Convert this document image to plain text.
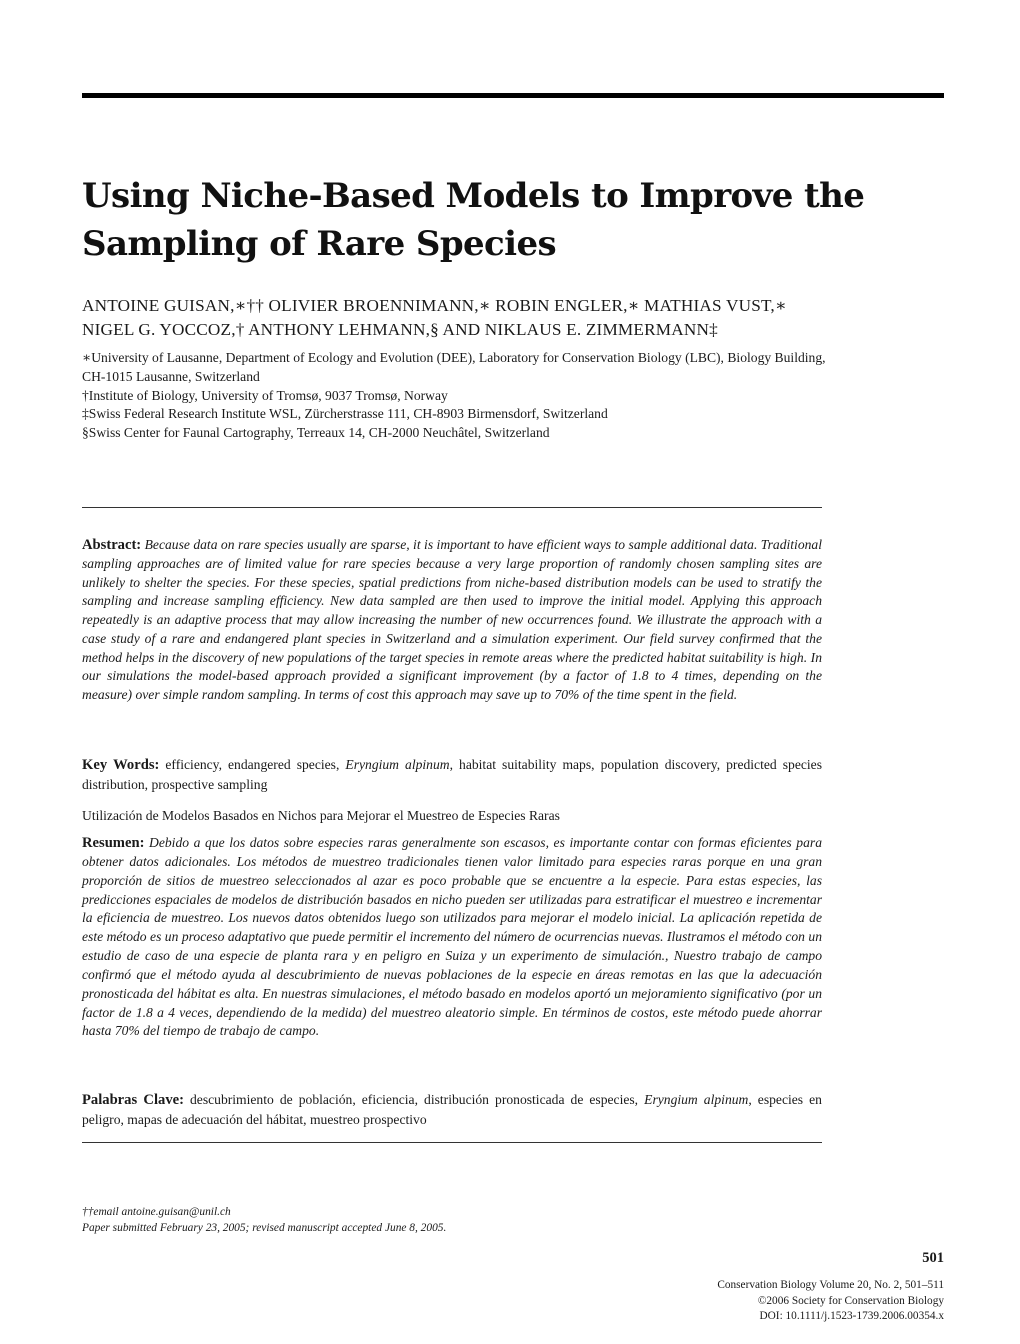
Using Niche-Based Models to Improve the Sampling of Rare Species
ANTOINE GUISAN,∗†† OLIVIER BROENNIMANN,∗ ROBIN ENGLER,∗ MATHIAS VUST,∗
NIGEL G. YOCCOZ,† ANTHONY LEHMANN,§ AND NIKLAUS E. ZIMMERMANN‡
∗University of Lausanne, Department of Ecology and Evolution (DEE), Laboratory for Conservation Biology (LBC), Biology Building,
CH-1015 Lausanne, Switzerland
†Institute of Biology, University of Tromsø, 9037 Tromsø, Norway
‡Swiss Federal Research Institute WSL, Zürcherstrasse 111, CH-8903 Birmensdorf, Switzerland
§Swiss Center for Faunal Cartography, Terreaux 14, CH-2000 Neuchâtel, Switzerland
Abstract: Because data on rare species usually are sparse, it is important to have efficient ways to sample additional data. Traditional sampling approaches are of limited value for rare species because a very large proportion of randomly chosen sampling sites are unlikely to shelter the species. For these species, spatial predictions from niche-based distribution models can be used to stratify the sampling and increase sampling efficiency. New data sampled are then used to improve the initial model. Applying this approach repeatedly is an adaptive process that may allow increasing the number of new occurrences found. We illustrate the approach with a case study of a rare and endangered plant species in Switzerland and a simulation experiment. Our field survey confirmed that the method helps in the discovery of new populations of the target species in remote areas where the predicted habitat suitability is high. In our simulations the model-based approach provided a significant improvement (by a factor of 1.8 to 4 times, depending on the measure) over simple random sampling. In terms of cost this approach may save up to 70% of the time spent in the field.
Key Words: efficiency, endangered species, Eryngium alpinum, habitat suitability maps, population discovery, predicted species distribution, prospective sampling
Utilización de Modelos Basados en Nichos para Mejorar el Muestreo de Especies Raras
Resumen: Debido a que los datos sobre especies raras generalmente son escasos, es importante contar con formas eficientes para obtener datos adicionales. Los métodos de muestreo tradicionales tienen valor limitado para especies raras porque en una gran proporción de sitios de muestreo seleccionados al azar es poco probable que se encuentre a la especie. Para estas especies, las predicciones espaciales de modelos de distribución basados en nicho pueden ser utilizadas para estratificar el muestreo e incrementar la eficiencia de muestreo. Los nuevos datos obtenidos luego son utilizados para mejorar el modelo inicial. La aplicación repetida de este método es un proceso adaptativo que puede permitir el incremento del número de ocurrencias nuevas. Ilustramos el método con un estudio de caso de una especie de planta rara y en peligro en Suiza y un experimento de simulación., Nuestro trabajo de campo confirmó que el método ayuda al descubrimiento de nuevas poblaciones de la especie en áreas remotas en las que la adecuación pronosticada del hábitat es alta. En nuestras simulaciones, el método basado en modelos aportó un mejoramiento significativo (por un factor de 1.8 a 4 veces, dependiendo de la medida) del muestreo aleatorio simple. En términos de costos, este método puede ahorrar hasta 70% del tiempo de trabajo de campo.
Palabras Clave: descubrimiento de población, eficiencia, distribución pronosticada de especies, Eryngium alpinum, especies en peligro, mapas de adecuación del hábitat, muestreo prospectivo
††email antoine.guisan@unil.ch
Paper submitted February 23, 2005; revised manuscript accepted June 8, 2005.
501
Conservation Biology Volume 20, No. 2, 501–511
©2006 Society for Conservation Biology
DOI: 10.1111/j.1523-1739.2006.00354.x
